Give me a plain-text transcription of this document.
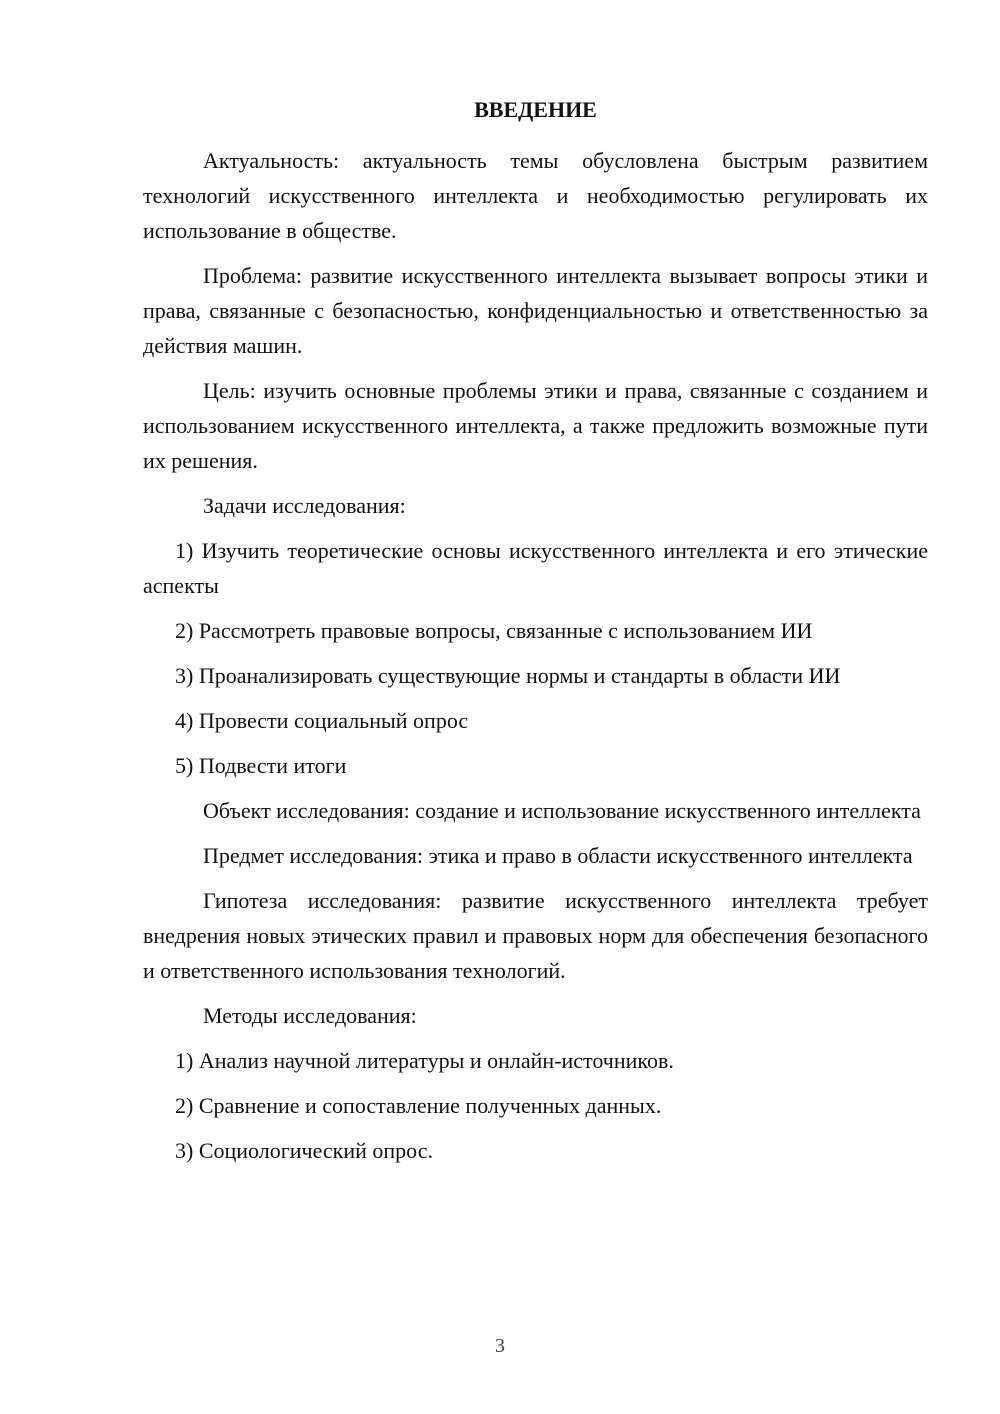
ВВЕДЕНИЕ

Актуальность: актуальность темы обусловлена быстрым развитием технологий искусственного интеллекта и необходимостью регулировать их использование в обществе.

Проблема: развитие искусственного интеллекта вызывает вопросы этики и права, связанные с безопасностью, конфиденциальностью и ответственностью за действия машин.

Цель: изучить основные проблемы этики и права, связанные с созданием и использованием искусственного интеллекта, а также предложить возможные пути их решения.

Задачи исследования:

1) Изучить теоретические основы искусственного интеллекта и его этические аспекты

2) Рассмотреть правовые вопросы, связанные с использованием ИИ

3) Проанализировать существующие нормы и стандарты в области ИИ

4) Провести социальный опрос

5) Подвести итоги

Объект исследования: создание и использование искусственного интеллекта

Предмет исследования: этика и право в области искусственного интеллекта

Гипотеза исследования: развитие искусственного интеллекта требует внедрения новых этических правил и правовых норм для обеспечения безопасного и ответственного использования технологий.

Методы исследования:

1) Анализ научной литературы и онлайн-источников.

2) Сравнение и сопоставление полученных данных.

3) Социологический опрос.

3
